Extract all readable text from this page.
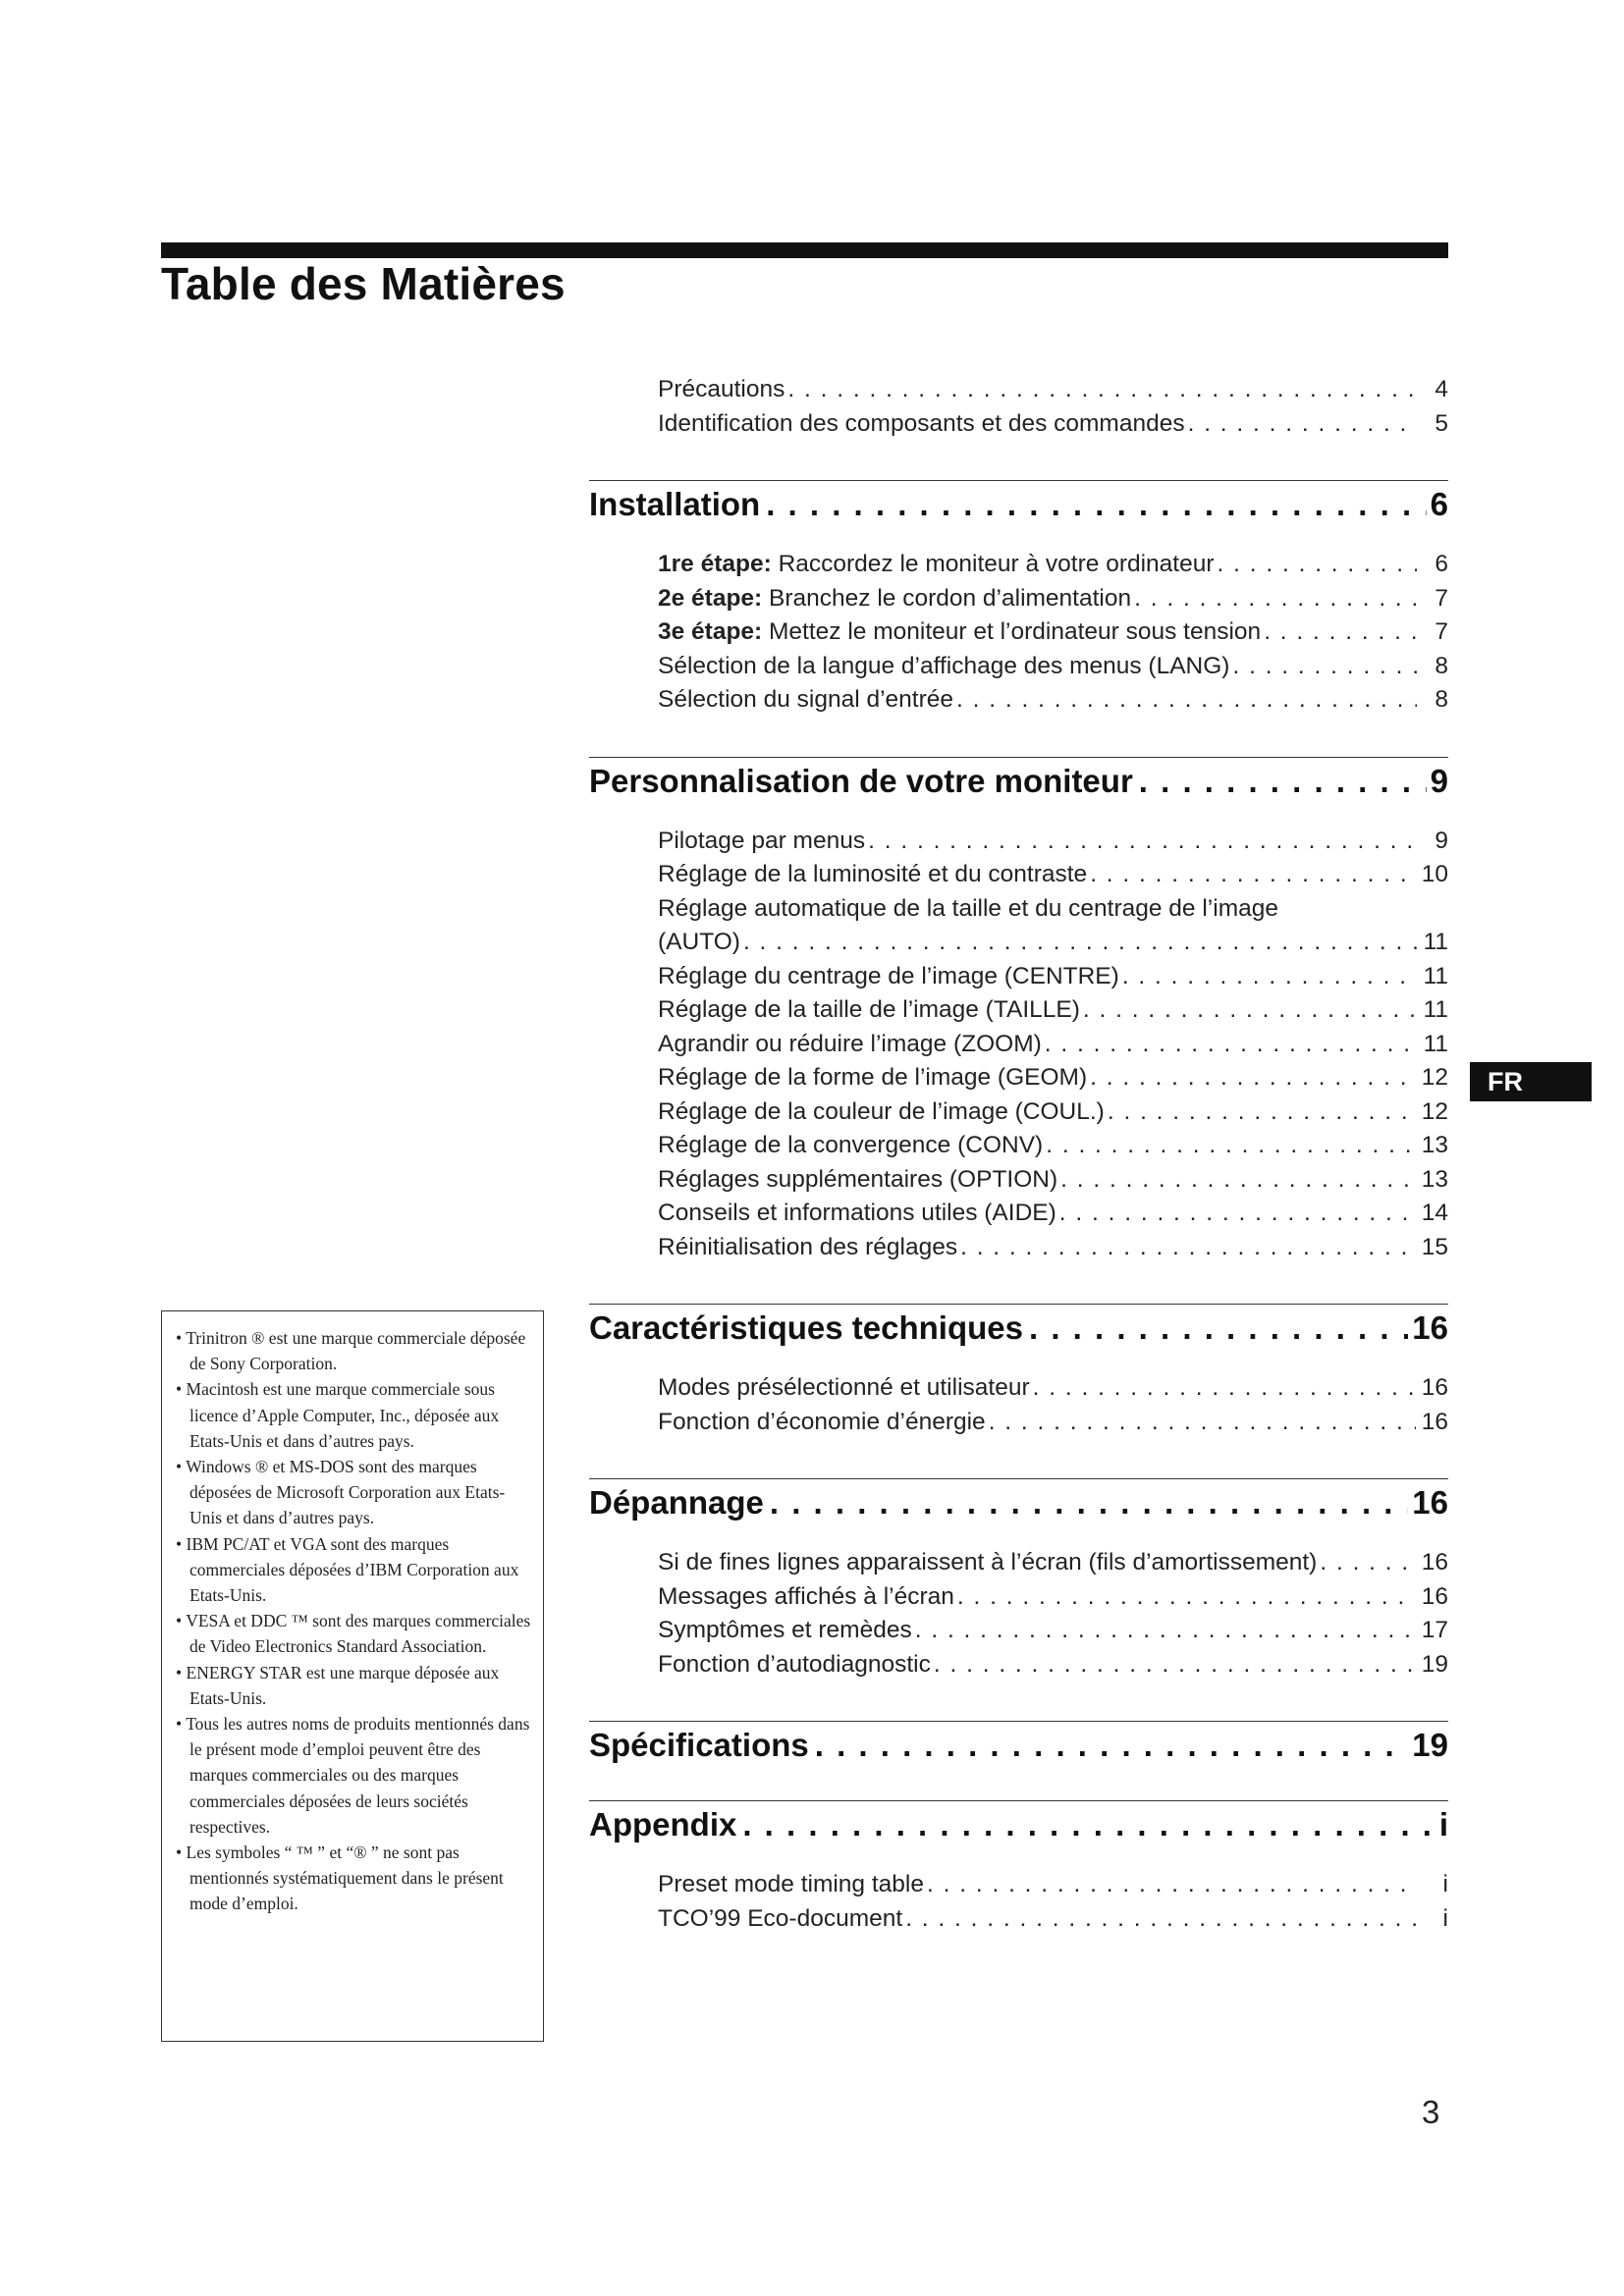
Table des Matières
Précautions . . .	4
Identification des composants et des commandes . . .	5
Installation . . .	6
1re étape: Raccordez le moniteur à votre ordinateur . . .	6
2e étape: Branchez le cordon d’alimentation . . .	7
3e étape: Mettez le moniteur et l’ordinateur sous tension . . .	7
Sélection de la langue d’affichage des menus (LANG) . . .	8
Sélection du signal d’entrée . . .	8
Personnalisation de votre moniteur . . .	9
Pilotage par menus . . .	9
Réglage de la luminosité et du contraste . . .	10
Réglage automatique de la taille et du centrage de l’image
(AUTO) . . .	11
Réglage du centrage de l’image (CENTRE) . . .	11
Réglage de la taille de l’image (TAILLE) . . .	11
Agrandir ou réduire l’image (ZOOM) . . .	11
Réglage de la forme de l’image (GEOM) . . .	12
Réglage de la couleur de l’image (COUL.) . . .	12
Réglage de la convergence (CONV) . . .	13
Réglages supplémentaires (OPTION) . . .	13
Conseils et informations utiles (AIDE) . . .	14
Réinitialisation des réglages . . .	15
Caractéristiques techniques . . .	16
Modes présélectionné et utilisateur . . .	16
Fonction d’économie d’énergie . . .	16
Dépannage . . .	16
Si de fines lignes apparaissent à l’écran (fils d’amortissement) . . .	16
Messages affichés à l’écran . . .	16
Symptômes et remèdes . . .	17
Fonction d’autodiagnostic . . .	19
Spécifications . . .	19
Appendix . . .	i
Preset mode timing table . . .	i
TCO’99 Eco-document . . .	i
FR
• Trinitron ® est une marque commerciale déposée de Sony Corporation.
• Macintosh est une marque commerciale sous licence d’Apple Computer, Inc., déposée aux Etats-Unis et dans d’autres pays.
• Windows ® et MS-DOS sont des marques déposées de Microsoft Corporation aux Etats-Unis et dans d’autres pays.
• IBM PC/AT et VGA sont des marques commerciales déposées d’IBM Corporation aux Etats-Unis.
• VESA et DDC ™ sont des marques commerciales de Video Electronics Standard Association.
• ENERGY STAR est une marque déposée aux Etats-Unis.
• Tous les autres noms de produits mentionnés dans le présent mode d’emploi peuvent être des marques commerciales ou des marques commerciales déposées de leurs sociétés respectives.
• Les symboles “ ™ ” et “® ” ne sont pas mentionnés systématiquement dans le présent mode d’emploi.
3
